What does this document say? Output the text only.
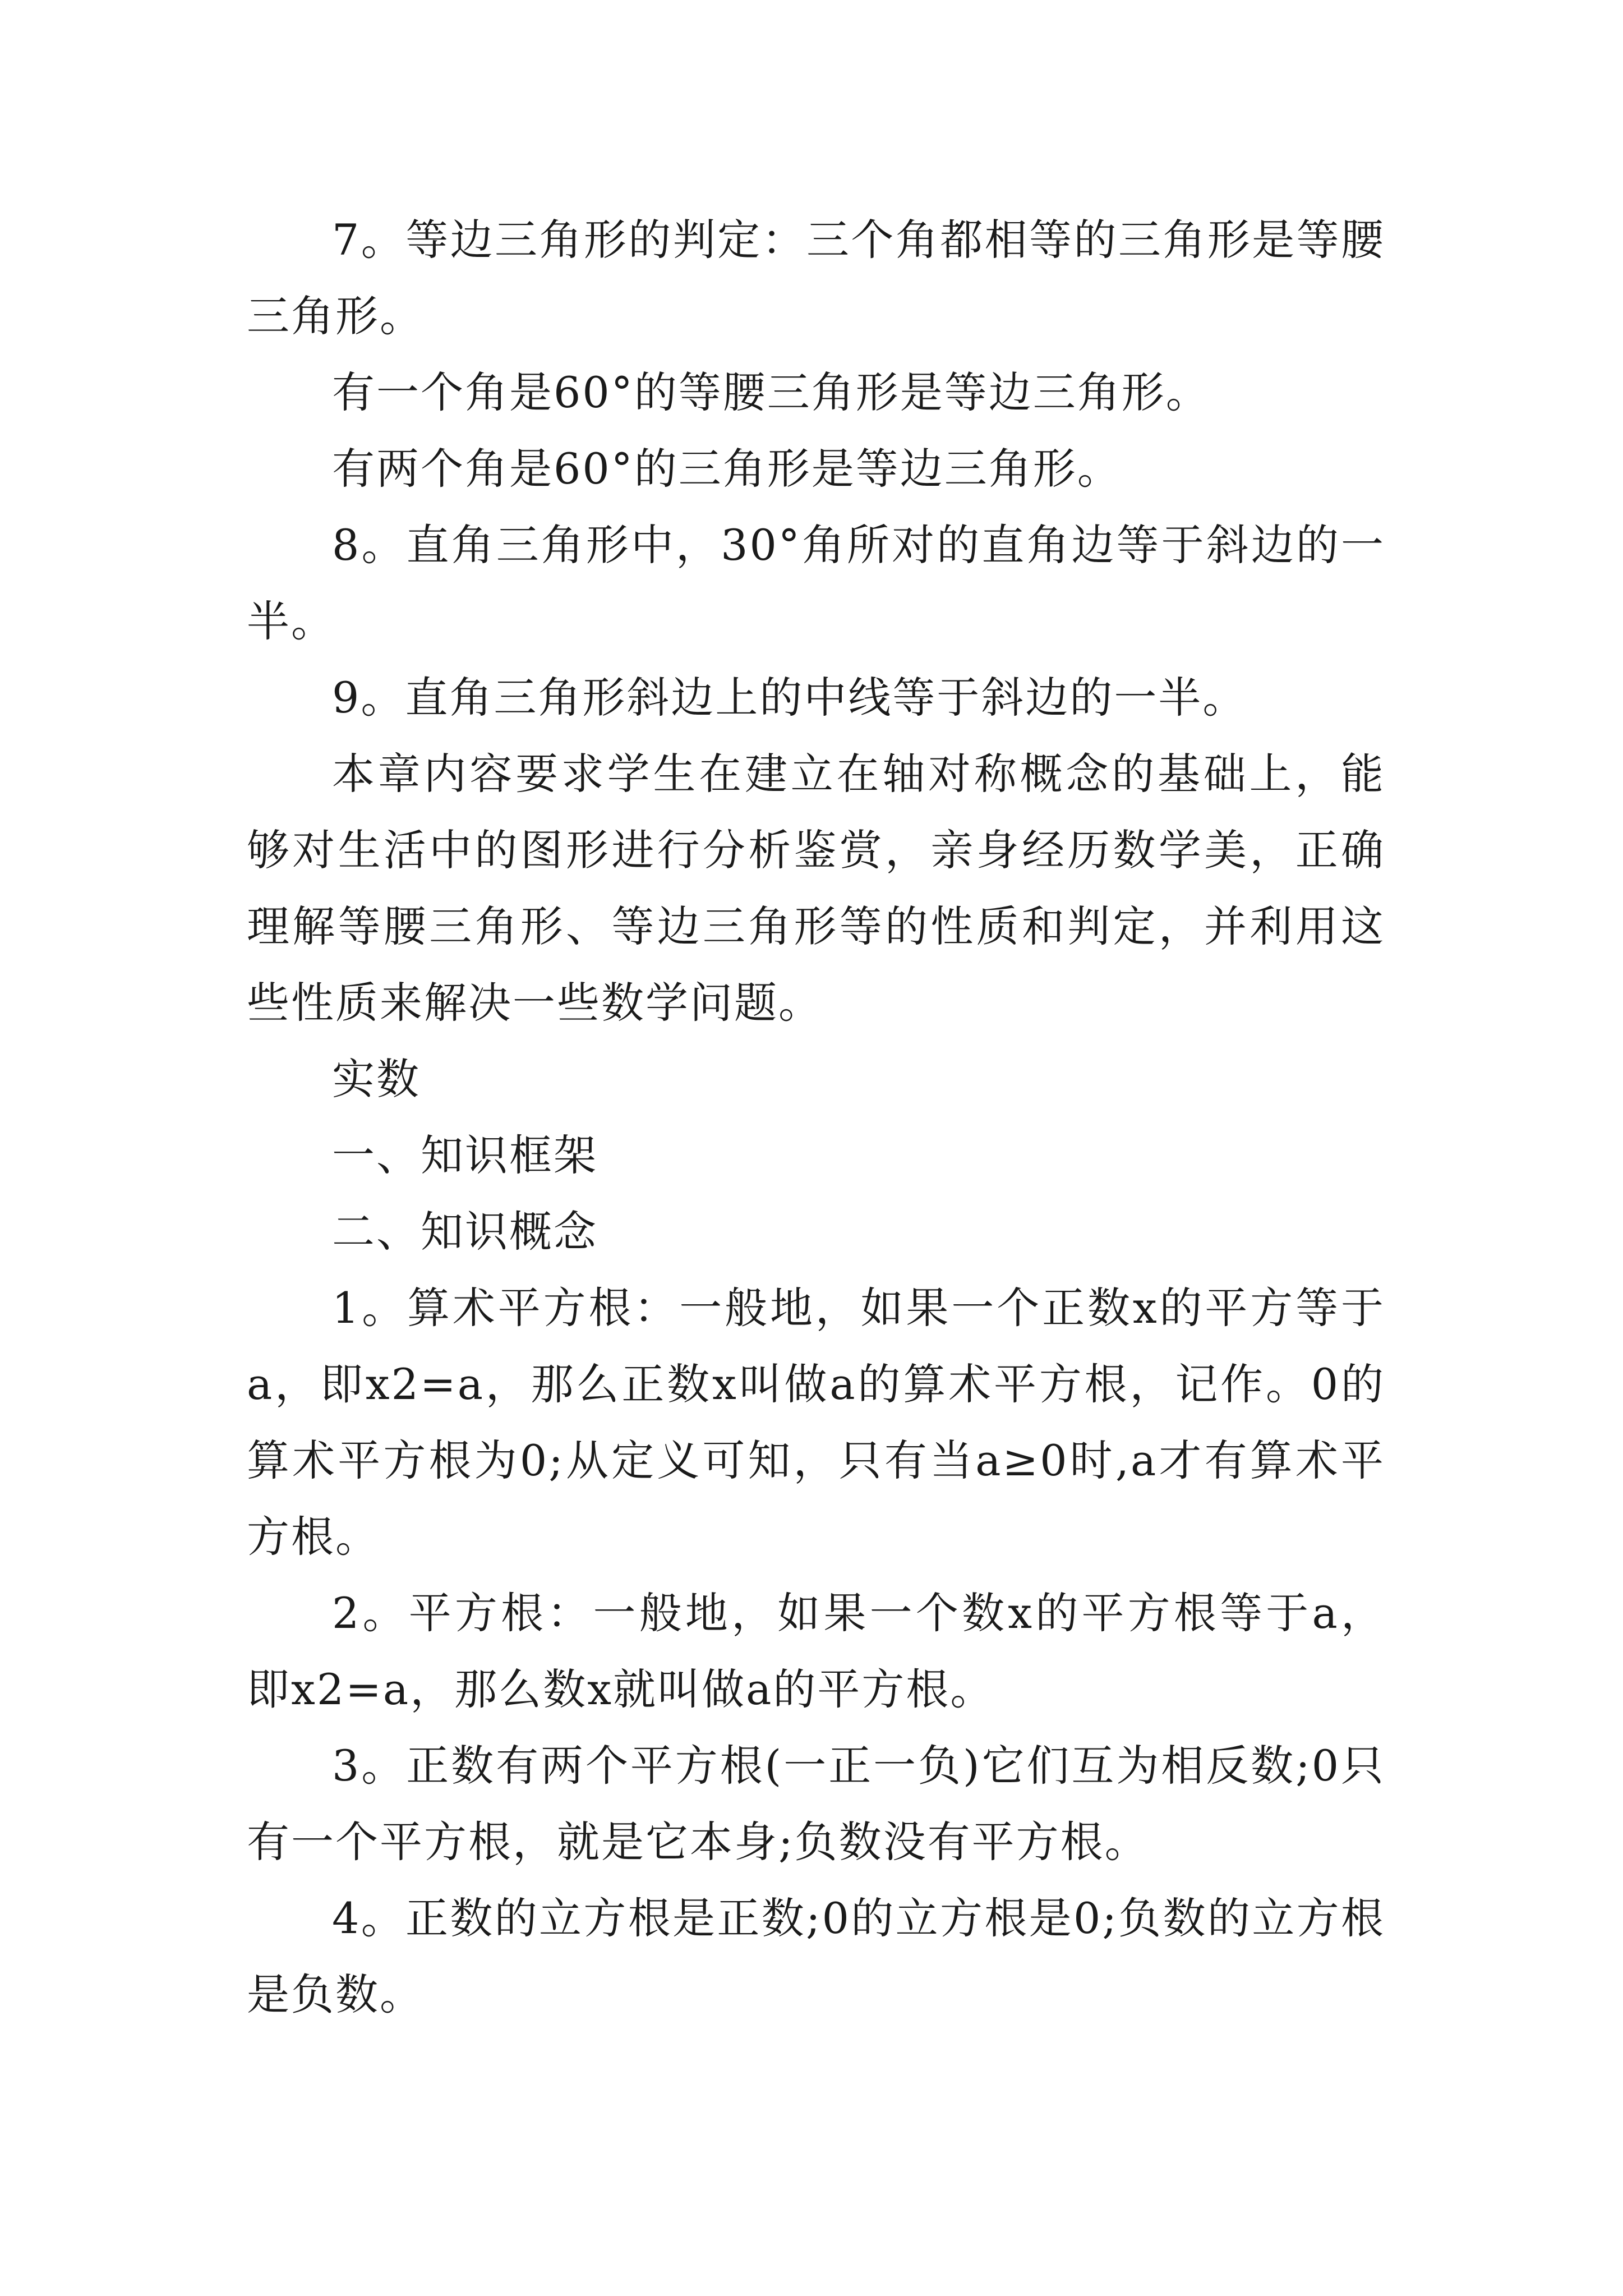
7。等边三角形的判定：三个角都相等的三角形是等腰三角形。

有一个角是60°的等腰三角形是等边三角形。

有两个角是60°的三角形是等边三角形。

8。直角三角形中，30°角所对的直角边等于斜边的一半。

9。直角三角形斜边上的中线等于斜边的一半。

本章内容要求学生在建立在轴对称概念的基础上，能够对生活中的图形进行分析鉴赏，亲身经历数学美，正确理解等腰三角形、等边三角形等的性质和判定，并利用这些性质来解决一些数学问题。

实数

一、知识框架

二、知识概念

1。算术平方根：一般地，如果一个正数x的平方等于a，即x2=a，那么正数x叫做a的算术平方根，记作。0的算术平方根为0;从定义可知，只有当a≥0时,a才有算术平方根。

2。平方根：一般地，如果一个数x的平方根等于a，即x2=a，那么数x就叫做a的平方根。

3。正数有两个平方根(一正一负)它们互为相反数;0只有一个平方根，就是它本身;负数没有平方根。

4。正数的立方根是正数;0的立方根是0;负数的立方根是负数。
